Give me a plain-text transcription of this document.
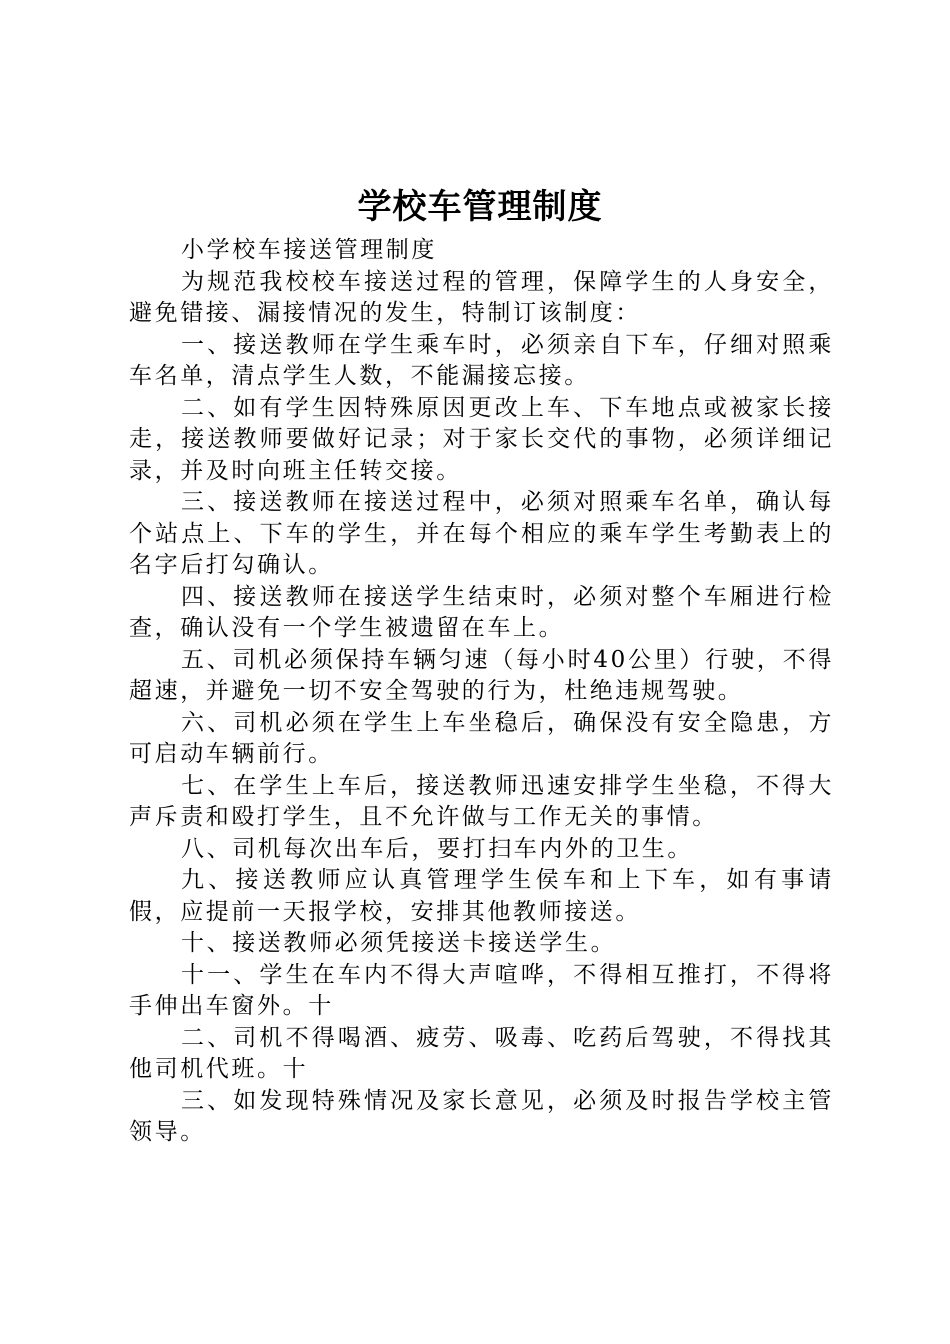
学校车管理制度

小学校车接送管理制度

为规范我校校车接送过程的管理，保障学生的人身安全，避免错接、漏接情况的发生，特制订该制度：

一、接送教师在学生乘车时，必须亲自下车，仔细对照乘车名单，清点学生人数，不能漏接忘接。

二、如有学生因特殊原因更改上车、下车地点或被家长接走，接送教师要做好记录；对于家长交代的事物，必须详细记录，并及时向班主任转交接。

三、接送教师在接送过程中，必须对照乘车名单，确认每个站点上、下车的学生，并在每个相应的乘车学生考勤表上的名字后打勾确认。

四、接送教师在接送学生结束时，必须对整个车厢进行检查，确认没有一个学生被遗留在车上。

五、司机必须保持车辆匀速（每小时40公里）行驶，不得超速，并避免一切不安全驾驶的行为，杜绝违规驾驶。

六、司机必须在学生上车坐稳后，确保没有安全隐患，方可启动车辆前行。

七、在学生上车后，接送教师迅速安排学生坐稳，不得大声斥责和殴打学生，且不允许做与工作无关的事情。

八、司机每次出车后，要打扫车内外的卫生。

九、接送教师应认真管理学生侯车和上下车，如有事请假，应提前一天报学校，安排其他教师接送。

十、接送教师必须凭接送卡接送学生。

十一、学生在车内不得大声喧哗，不得相互推打，不得将手伸出车窗外。十

二、司机不得喝酒、疲劳、吸毒、吃药后驾驶，不得找其他司机代班。十

三、如发现特殊情况及家长意见，必须及时报告学校主管领导。
